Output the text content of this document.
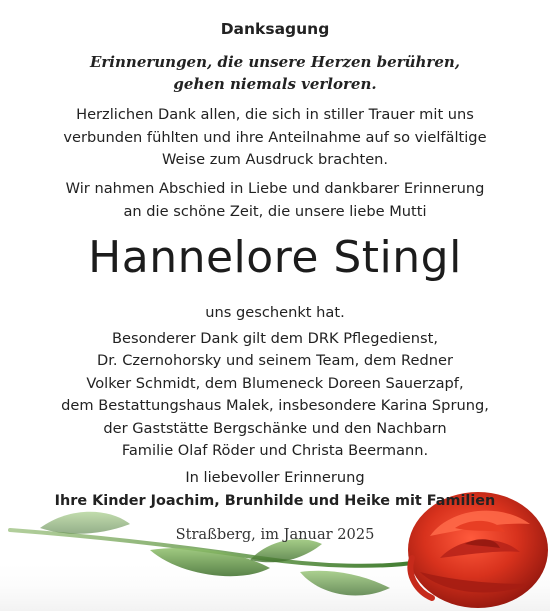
Danksagung
Erinnerungen, die unsere Herzen berühren,
gehen niemals verloren.
Herzlichen Dank allen, die sich in stiller Trauer mit uns
verbunden fühlten und ihre Anteilnahme auf so vielfältige
Weise zum Ausdruck brachten.
Wir nahmen Abschied in Liebe und dankbarer Erinnerung
an die schöne Zeit, die unsere liebe Mutti
Hannelore Stingl
uns geschenkt hat.
Besonderer Dank gilt dem DRK Pflegedienst,
Dr. Czernohorsky und seinem Team, dem Redner
Volker Schmidt, dem Blumeneck Doreen Sauerzapf,
dem Bestattungshaus Malek, insbesondere Karina Sprung,
der Gaststätte Bergschänke und den Nachbarn
Familie Olaf Röder und Christa Beermann.
In liebevoller Erinnerung
Ihre Kinder Joachim, Brunhilde und Heike mit Familien
Straßberg, im Januar 2025
